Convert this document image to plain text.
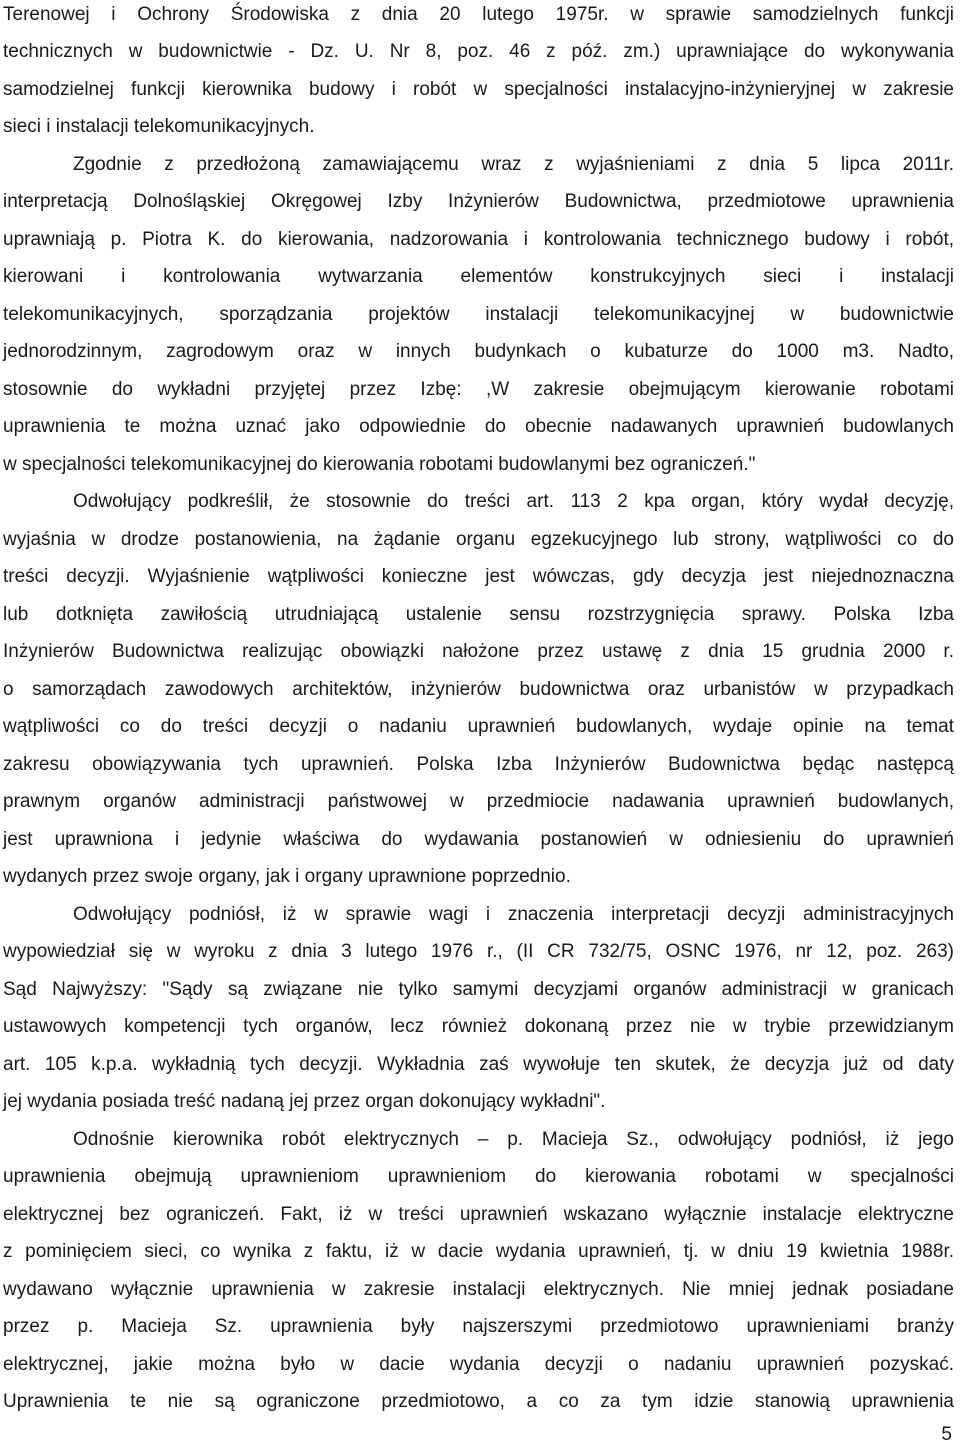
Terenowej i Ochrony Środowiska z dnia 20 lutego 1975r. w sprawie samodzielnych funkcji
technicznych w budownictwie - Dz. U. Nr 8, poz. 46 z póź. zm.) uprawniające do wykonywania
samodzielnej funkcji kierownika budowy i robót w specjalności instalacyjno-inżynieryjnej w zakresie
sieci i instalacji telekomunikacyjnych.
Zgodnie z przedłożoną zamawiającemu wraz z wyjaśnieniami z dnia 5 lipca 2011r.
interpretacją Dolnośląskiej Okręgowej Izby Inżynierów Budownictwa, przedmiotowe uprawnienia
uprawniają p. Piotra K. do kierowania, nadzorowania i kontrolowania technicznego budowy i robót,
kierowani i kontrolowania wytwarzania elementów konstrukcyjnych sieci i instalacji
telekomunikacyjnych, sporządzania projektów instalacji telekomunikacyjnej w budownictwie
jednorodzinnym, zagrodowym oraz w innych budynkach o kubaturze do 1000 m3. Nadto,
stosownie do wykładni przyjętej przez Izbę: ,W zakresie obejmującym kierowanie robotami
uprawnienia te można uznać jako odpowiednie do obecnie nadawanych uprawnień budowlanych
w specjalności telekomunikacyjnej do kierowania robotami budowlanymi bez ograniczeń."
Odwołujący podkreślił, że stosownie do treści art. 113 2 kpa organ, który wydał decyzję,
wyjaśnia w drodze postanowienia, na żądanie organu egzekucyjnego lub strony, wątpliwości co do
treści decyzji. Wyjaśnienie wątpliwości konieczne jest wówczas, gdy decyzja jest niejednoznaczna
lub dotknięta zawiłością utrudniającą ustalenie sensu rozstrzygnięcia sprawy. Polska Izba
Inżynierów Budownictwa realizując obowiązki nałożone przez ustawę z dnia 15 grudnia 2000 r.
o samorządach zawodowych architektów, inżynierów budownictwa oraz urbanistów w przypadkach
wątpliwości co do treści decyzji o nadaniu uprawnień budowlanych, wydaje opinie na temat
zakresu obowiązywania tych uprawnień. Polska Izba Inżynierów Budownictwa będąc następcą
prawnym organów administracji państwowej w przedmiocie nadawania uprawnień budowlanych,
jest uprawniona i jedynie właściwa do wydawania postanowień w odniesieniu do uprawnień
wydanych przez swoje organy, jak i organy uprawnione poprzednio.
Odwołujący podniósł, iż w sprawie wagi i znaczenia interpretacji decyzji administracyjnych
wypowiedział się w wyroku z dnia 3 lutego 1976 r., (II CR 732/75, OSNC 1976, nr 12, poz. 263)
Sąd Najwyższy: "Sądy są związane nie tylko samymi decyzjami organów administracji w granicach
ustawowych kompetencji tych organów, lecz również dokonaną przez nie w trybie przewidzianym
art. 105 k.p.a. wykładnią tych decyzji. Wykładnia zaś wywołuje ten skutek, że decyzja już od daty
jej wydania posiada treść nadaną jej przez organ dokonujący wykładni".
Odnośnie kierownika robót elektrycznych – p. Macieja Sz., odwołujący podniósł, iż jego
uprawnienia obejmują uprawnieniom uprawnieniom do kierowania robotami w specjalności
elektrycznej bez ograniczeń. Fakt, iż w treści uprawnień wskazano wyłącznie instalacje elektryczne
z pominięciem sieci, co wynika z faktu, iż w dacie wydania uprawnień, tj. w dniu 19 kwietnia 1988r.
wydawano wyłącznie uprawnienia w zakresie instalacji elektrycznych. Nie mniej jednak posiadane
przez p. Macieja Sz. uprawnienia były najszerszymi przedmiotowo uprawnieniami branży
elektrycznej, jakie można było w dacie wydania decyzji o nadaniu uprawnień pozyskać.
Uprawnienia te nie są ograniczone przedmiotowo, a co za tym idzie stanowią uprawnienia
5
